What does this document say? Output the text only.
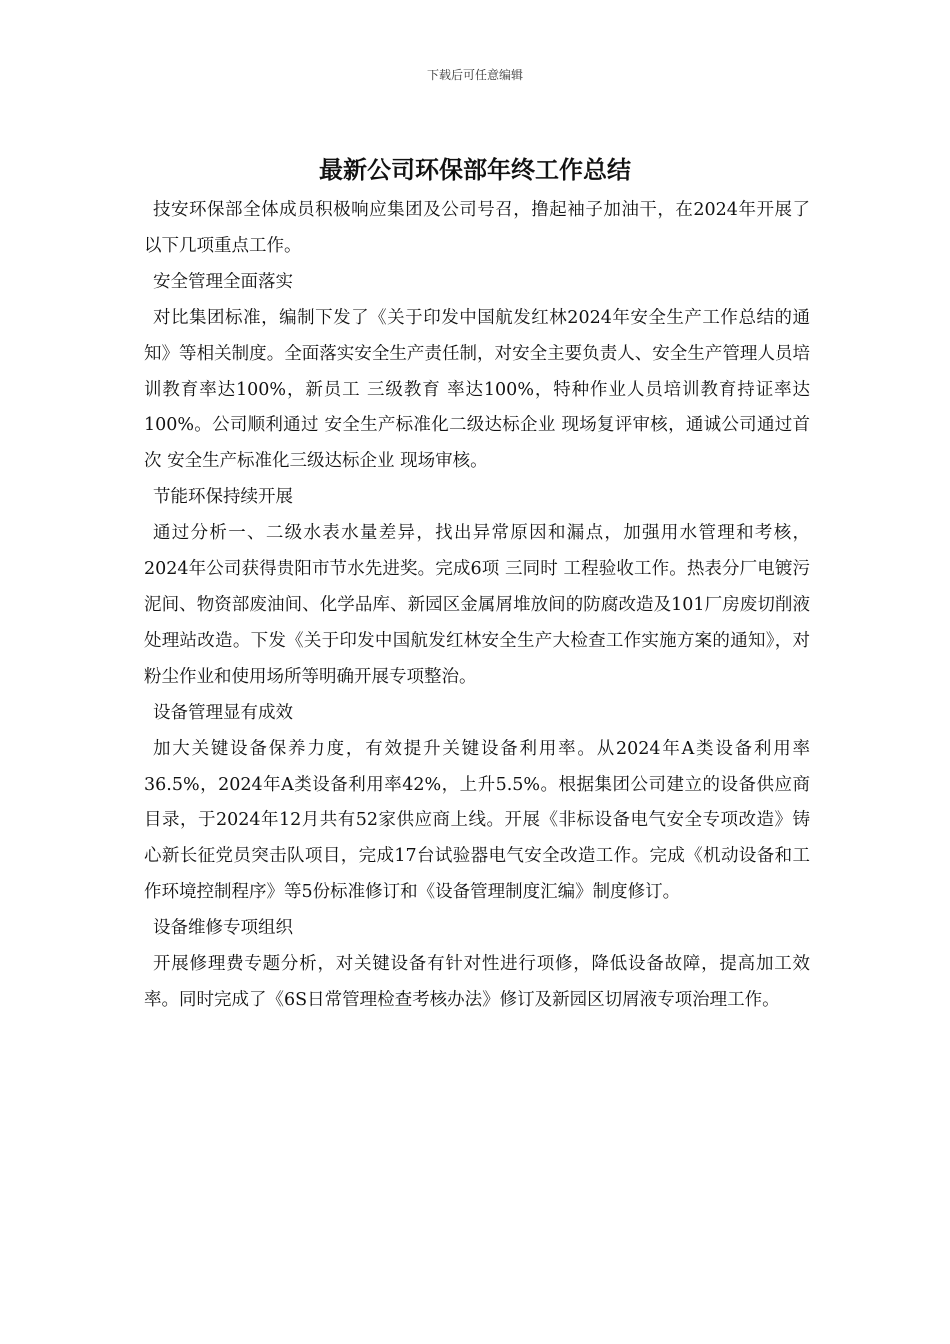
下载后可任意编辑
最新公司环保部年终工作总结

技安环保部全体成员积极响应集团及公司号召，撸起袖子加油干，在2024年开展了以下几项重点工作。

安全管理全面落实

对比集团标准，编制下发了《关于印发中国航发红林2024年安全生产工作总结的通知》等相关制度。全面落实安全生产责任制，对安全主要负责人、安全生产管理人员培训教育率达100%，新员工 三级教育 率达100%，特种作业人员培训教育持证率达100%。公司顺利通过 安全生产标准化二级达标企业 现场复评审核，通诚公司通过首次 安全生产标准化三级达标企业 现场审核。

节能环保持续开展

通过分析一、二级水表水量差异，找出异常原因和漏点，加强用水管理和考核，2024年公司获得贵阳市节水先进奖。完成6项 三同时 工程验收工作。热表分厂电镀污泥间、物资部废油间、化学品库、新园区金属屑堆放间的防腐改造及101厂房废切削液处理站改造。下发《关于印发中国航发红林安全生产大检查工作实施方案的通知》，对粉尘作业和使用场所等明确开展专项整治。

设备管理显有成效

加大关键设备保养力度，有效提升关键设备利用率。从2024年A类设备利用率36.5%，2024年A类设备利用率42%，上升5.5%。根据集团公司建立的设备供应商目录，于2024年12月共有52家供应商上线。开展《非标设备电气安全专项改造》铸心新长征党员突击队项目，完成17台试验器电气安全改造工作。完成《机动设备和工作环境控制程序》等5份标准修订和《设备管理制度汇编》制度修订。

设备维修专项组织

开展修理费专题分析，对关键设备有针对性进行项修，降低设备故障，提高加工效率。同时完成了《6S日常管理检查考核办法》修订及新园区切屑液专项治理工作。
